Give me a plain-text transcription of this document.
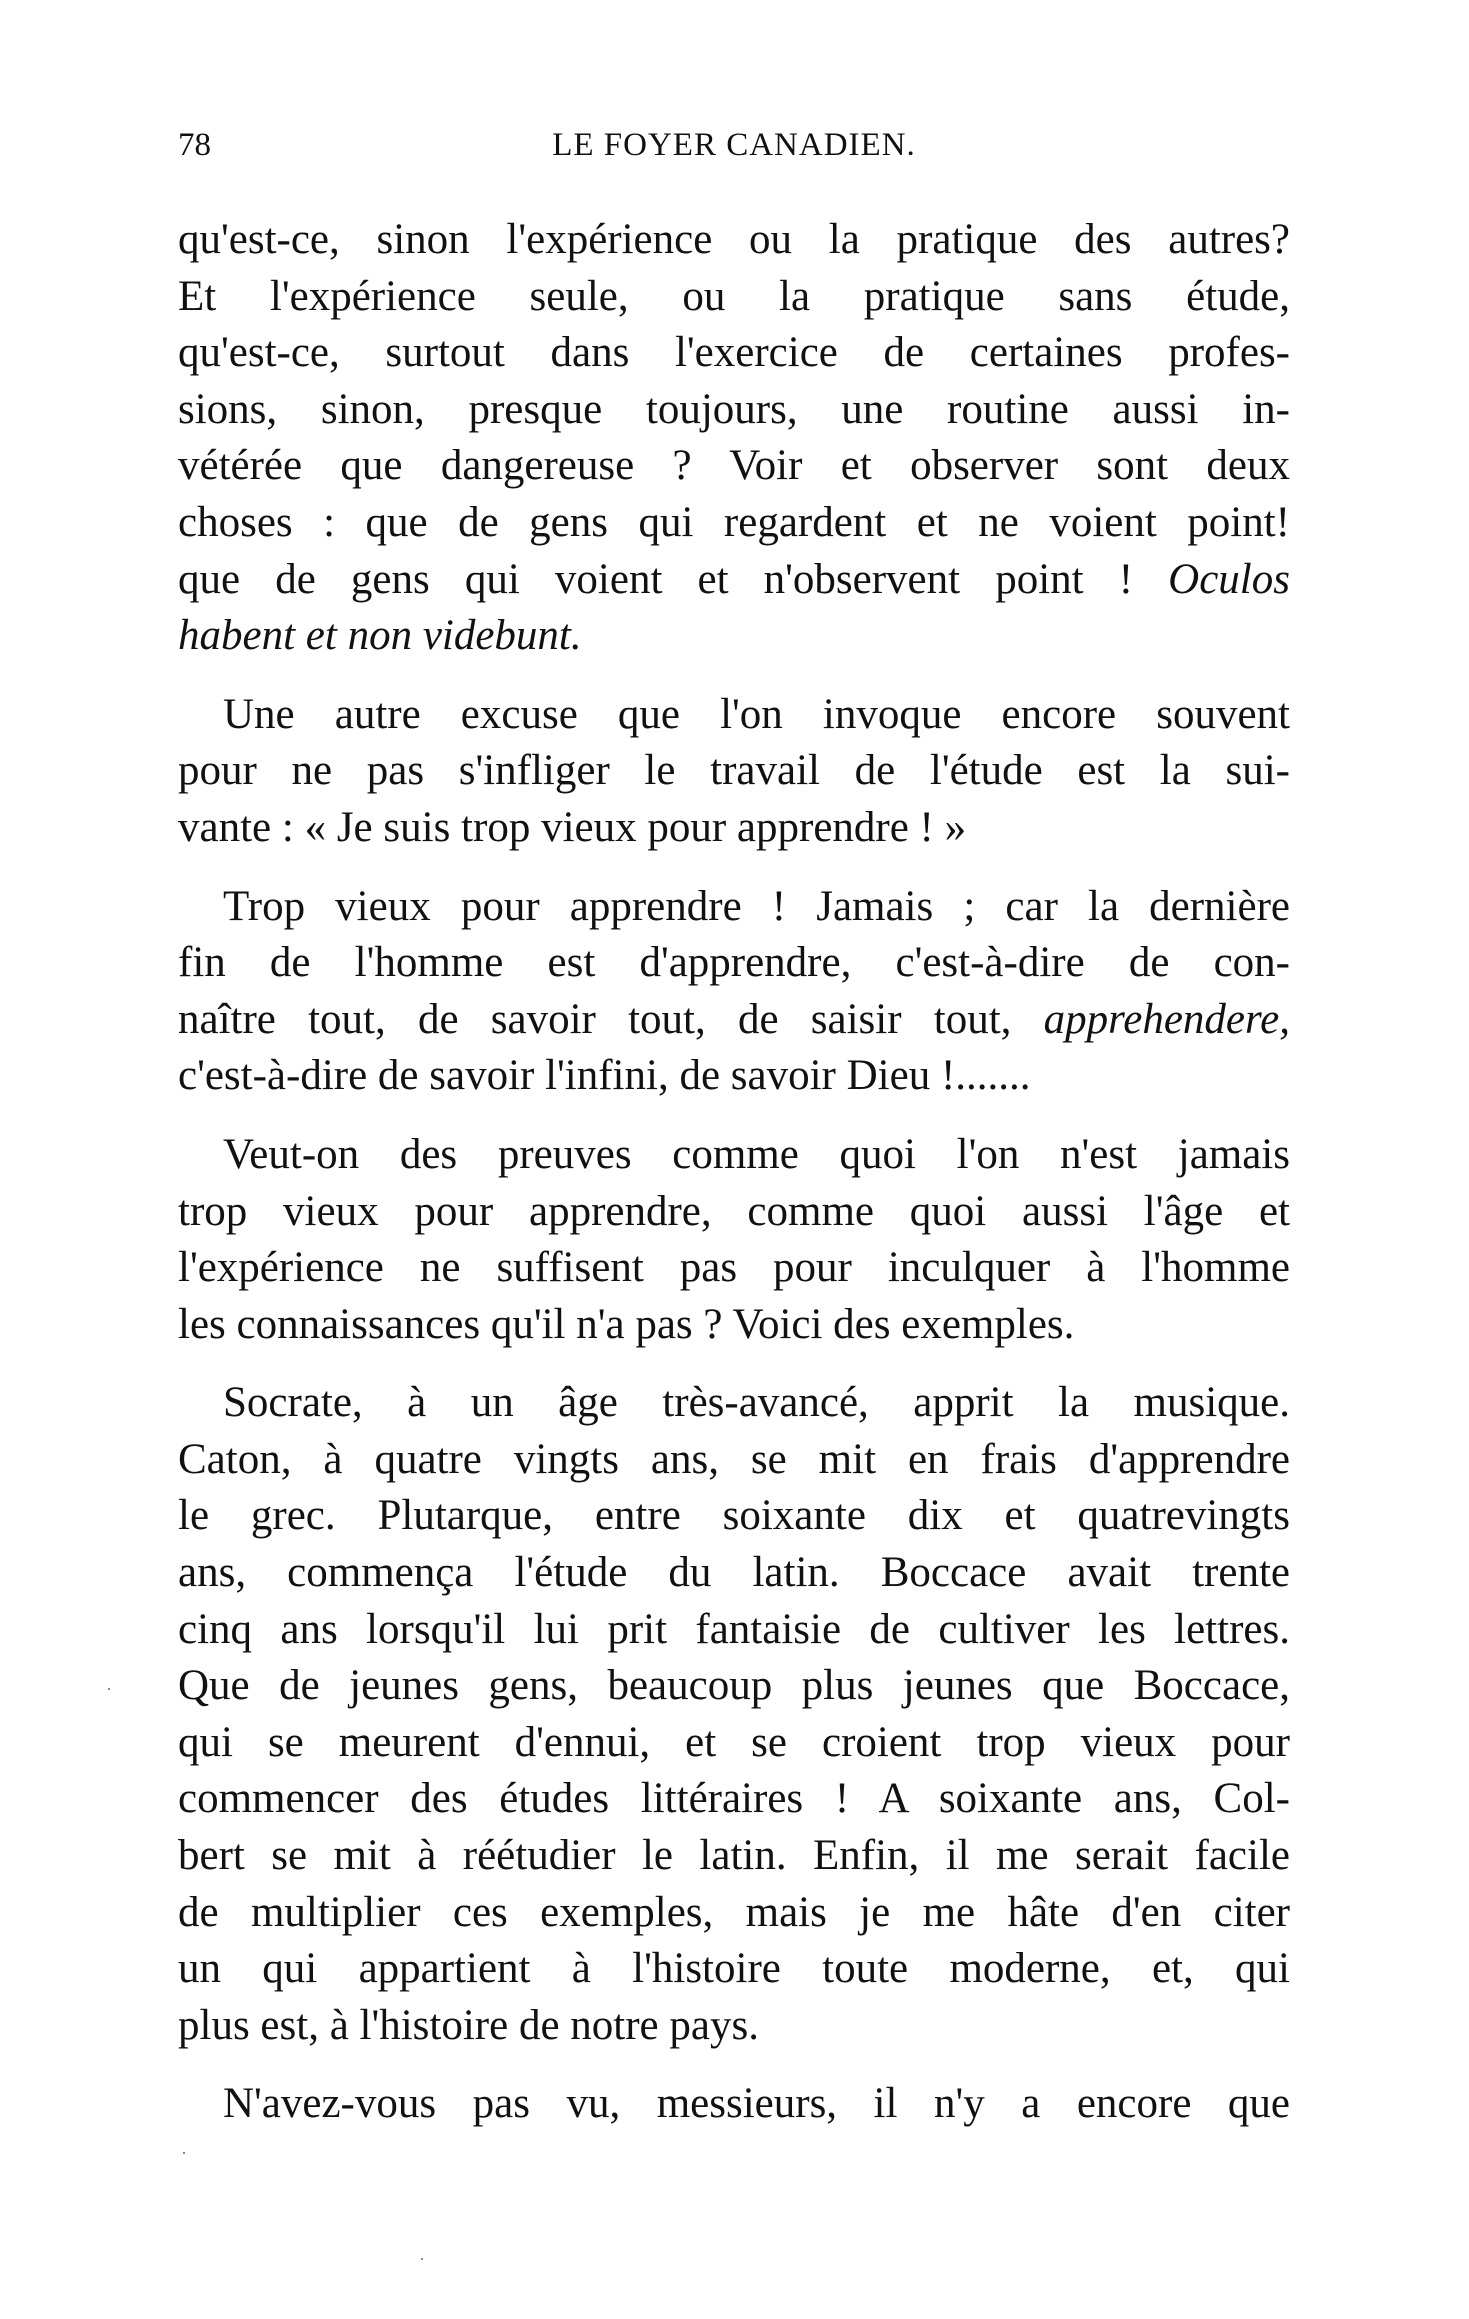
78	LE FOYER CANADIEN.
qu'est-ce, sinon l'expérience ou la pratique des autres?
Et l'expérience seule, ou la pratique sans étude,
qu'est-ce, surtout dans l'exercice de certaines profes-
sions, sinon, presque toujours, une routine aussi in-
vétérée que dangereuse ? Voir et observer sont deux
choses : que de gens qui regardent et ne voient point!
que de gens qui voient et n'observent point ! Oculos
habent et non videbunt.
Une autre excuse que l'on invoque encore souvent
pour ne pas s'infliger le travail de l'étude est la sui-
vante : « Je suis trop vieux pour apprendre ! »
Trop vieux pour apprendre ! Jamais ; car la dernière
fin de l'homme est d'apprendre, c'est-à-dire de con-
naître tout, de savoir tout, de saisir tout, apprehendere,
c'est-à-dire de savoir l'infini, de savoir Dieu !.......
Veut-on des preuves comme quoi l'on n'est jamais
trop vieux pour apprendre, comme quoi aussi l'âge et
l'expérience ne suffisent pas pour inculquer à l'homme
les connaissances qu'il n'a pas ? Voici des exemples.
Socrate, à un âge très-avancé, apprit la musique.
Caton, à quatre vingts ans, se mit en frais d'apprendre
le grec. Plutarque, entre soixante dix et quatrevingts
ans, commença l'étude du latin. Boccace avait trente
cinq ans lorsqu'il lui prit fantaisie de cultiver les lettres.
Que de jeunes gens, beaucoup plus jeunes que Boccace,
qui se meurent d'ennui, et se croient trop vieux pour
commencer des études littéraires ! A soixante ans, Col-
bert se mit à réétudier le latin. Enfin, il me serait facile
de multiplier ces exemples, mais je me hâte d'en citer
un qui appartient à l'histoire toute moderne, et, qui
plus est, à l'histoire de notre pays.
N'avez-vous pas vu, messieurs, il n'y a encore que
